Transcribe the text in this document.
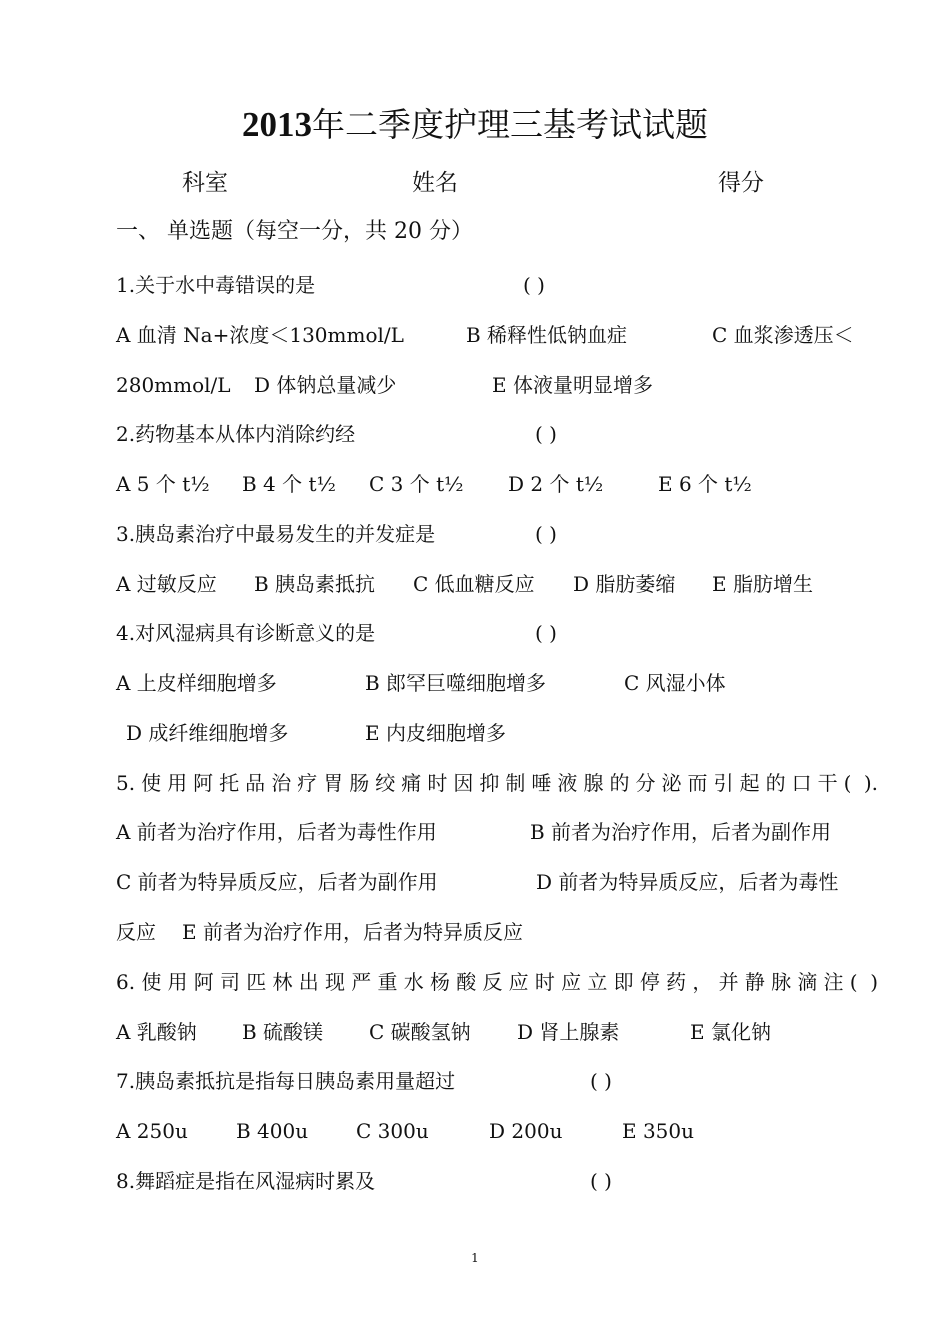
2013年二季度护理三基考试试题
科室	姓名	得分
一、 单选题（每空一分，共 20 分）
1.关于水中毒错误的是	( )
A 血清 Na+浓度＜130mmol/L	B 稀释性低钠血症	C 血浆渗透压＜
280mmol/L D 体钠总量减少	E 体液量明显增多
2.药物基本从体内消除约经	( )
A 5 个 t½ B 4 个 t½ C 3 个 t½ D 2 个 t½	E 6 个 t½
3.胰岛素治疗中最易发生的并发症是	( )
A 过敏反应 B 胰岛素抵抗 C 低血糖反应 D 脂肪萎缩 E 脂肪增生
4.对风湿病具有诊断意义的是	( )
A 上皮样细胞增多	B 郎罕巨噬细胞增多	C 风湿小体
D 成纤维细胞增多	E 内皮细胞增多
5.使用阿托品治疗胃肠绞痛时因抑制唾液腺的分泌而引起的口干( ).
A 前者为治疗作用，后者为毒性作用	B 前者为治疗作用，后者为副作用
C 前者为特异质反应，后者为副作用	D 前者为特异质反应，后者为毒性
反应 E 前者为治疗作用，后者为特异质反应
6.使用阿司匹林出现严重水杨酸反应时应立即停药，并静脉滴注( )
A 乳酸钠 B 硫酸镁 C 碳酸氢钠 D 肾上腺素	E 氯化钠
7.胰岛素抵抗是指每日胰岛素用量超过	( )
A 250u B 400u C 300u	D 200u	E 350u
8.舞蹈症是指在风湿病时累及	( )
1
